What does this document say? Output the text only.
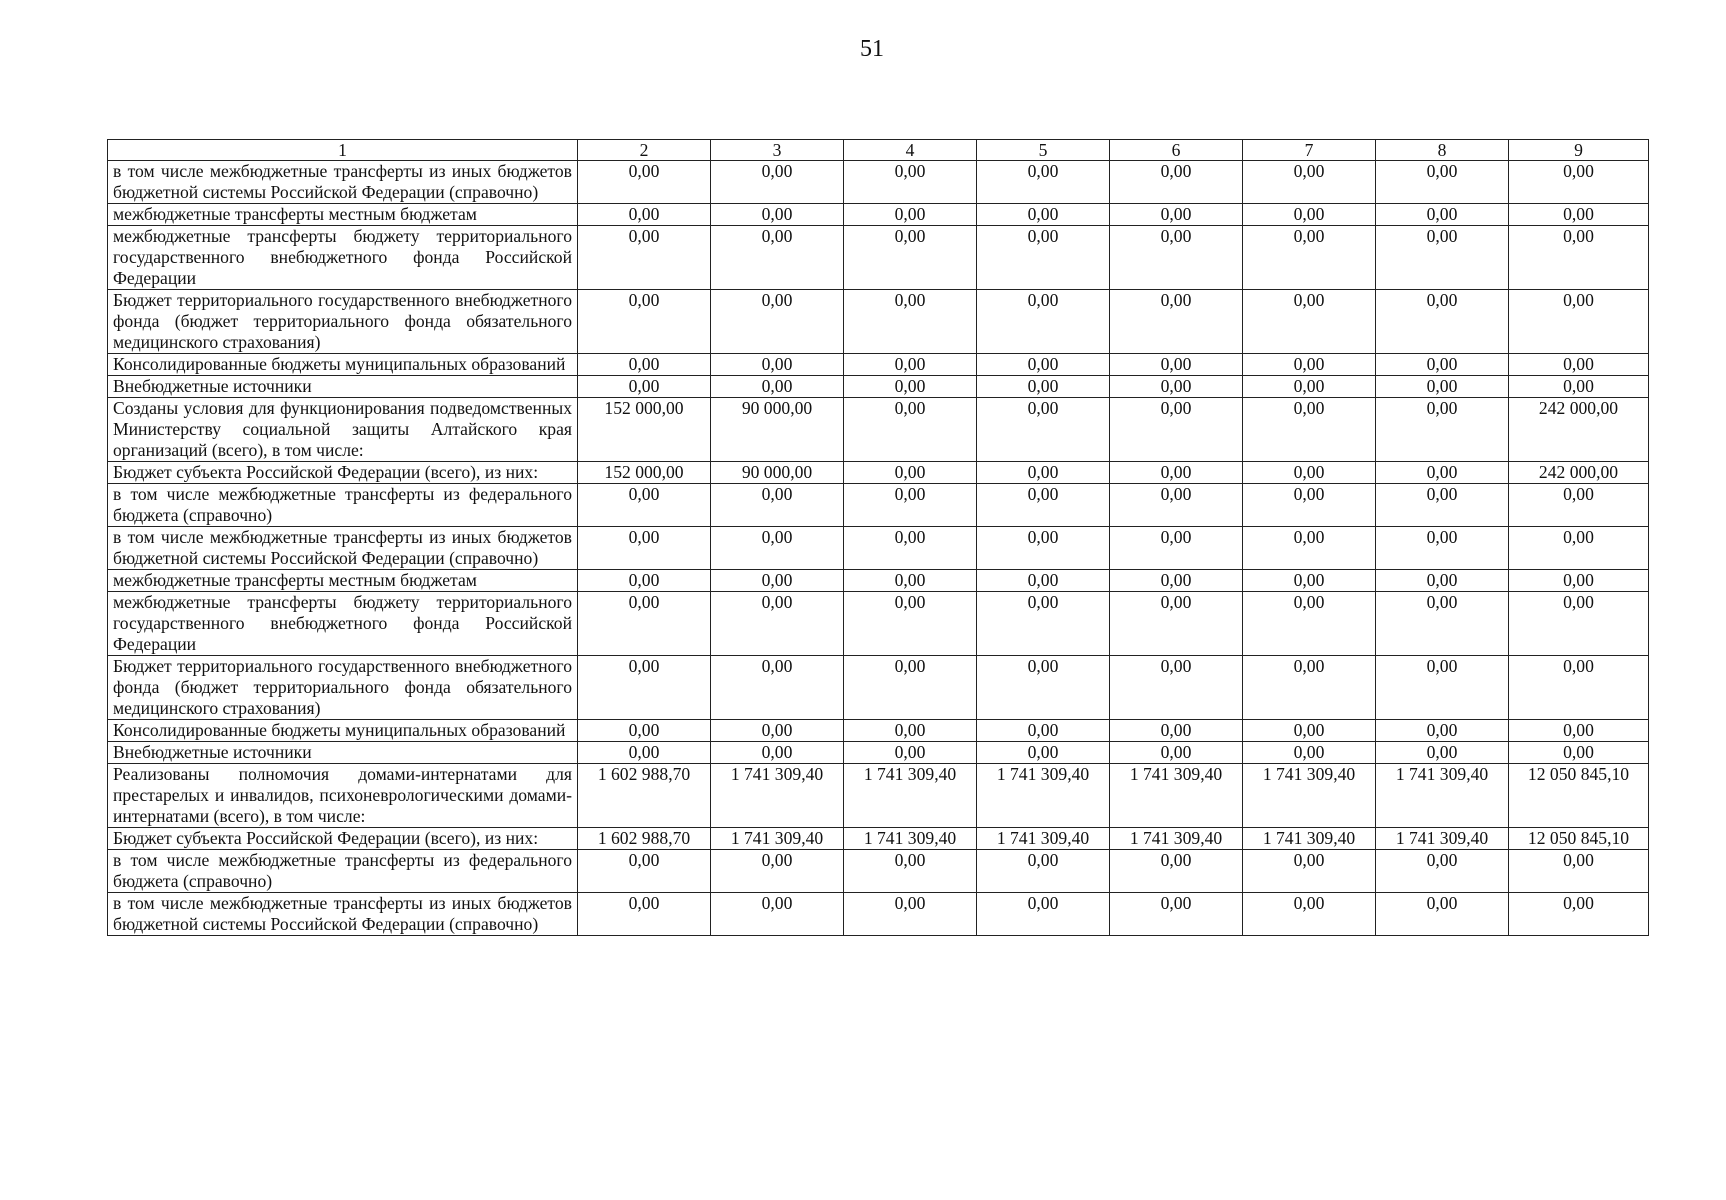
51
1	2	3	4	5	6	7	8	9
в том числе межбюджетные трансферты из иных бюджетов бюджетной системы Российской Федерации (справочно)	0,00	0,00	0,00	0,00	0,00	0,00	0,00	0,00
межбюджетные трансферты местным бюджетам	0,00	0,00	0,00	0,00	0,00	0,00	0,00	0,00
межбюджетные трансферты бюджету территориального государственного внебюджетного фонда Российской Федерации	0,00	0,00	0,00	0,00	0,00	0,00	0,00	0,00
Бюджет территориального государственного внебюджетного фонда (бюджет территориального фонда обязательного медицинского страхования)	0,00	0,00	0,00	0,00	0,00	0,00	0,00	0,00
Консолидированные бюджеты муниципальных образований	0,00	0,00	0,00	0,00	0,00	0,00	0,00	0,00
Внебюджетные источники	0,00	0,00	0,00	0,00	0,00	0,00	0,00	0,00
Созданы условия для функционирования подведомственных Министерству социальной защиты Алтайского края организаций (всего), в том числе:	152 000,00	90 000,00	0,00	0,00	0,00	0,00	0,00	242 000,00
Бюджет субъекта Российской Федерации (всего), из них:	152 000,00	90 000,00	0,00	0,00	0,00	0,00	0,00	242 000,00
в том числе межбюджетные трансферты из федерального бюджета (справочно)	0,00	0,00	0,00	0,00	0,00	0,00	0,00	0,00
в том числе межбюджетные трансферты из иных бюджетов бюджетной системы Российской Федерации (справочно)	0,00	0,00	0,00	0,00	0,00	0,00	0,00	0,00
межбюджетные трансферты местным бюджетам	0,00	0,00	0,00	0,00	0,00	0,00	0,00	0,00
межбюджетные трансферты бюджету территориального государственного внебюджетного фонда Российской Федерации	0,00	0,00	0,00	0,00	0,00	0,00	0,00	0,00
Бюджет территориального государственного внебюджетного фонда (бюджет территориального фонда обязательного медицинского страхования)	0,00	0,00	0,00	0,00	0,00	0,00	0,00	0,00
Консолидированные бюджеты муниципальных образований	0,00	0,00	0,00	0,00	0,00	0,00	0,00	0,00
Внебюджетные источники	0,00	0,00	0,00	0,00	0,00	0,00	0,00	0,00
Реализованы полномочия домами-интернатами для престарелых и инвалидов, психоневрологическими домами-интернатами (всего), в том числе:	1 602 988,70	1 741 309,40	1 741 309,40	1 741 309,40	1 741 309,40	1 741 309,40	1 741 309,40	12 050 845,10
Бюджет субъекта Российской Федерации (всего), из них:	1 602 988,70	1 741 309,40	1 741 309,40	1 741 309,40	1 741 309,40	1 741 309,40	1 741 309,40	12 050 845,10
в том числе межбюджетные трансферты из федерального бюджета (справочно)	0,00	0,00	0,00	0,00	0,00	0,00	0,00	0,00
в том числе межбюджетные трансферты из иных бюджетов бюджетной системы Российской Федерации (справочно)	0,00	0,00	0,00	0,00	0,00	0,00	0,00	0,00
